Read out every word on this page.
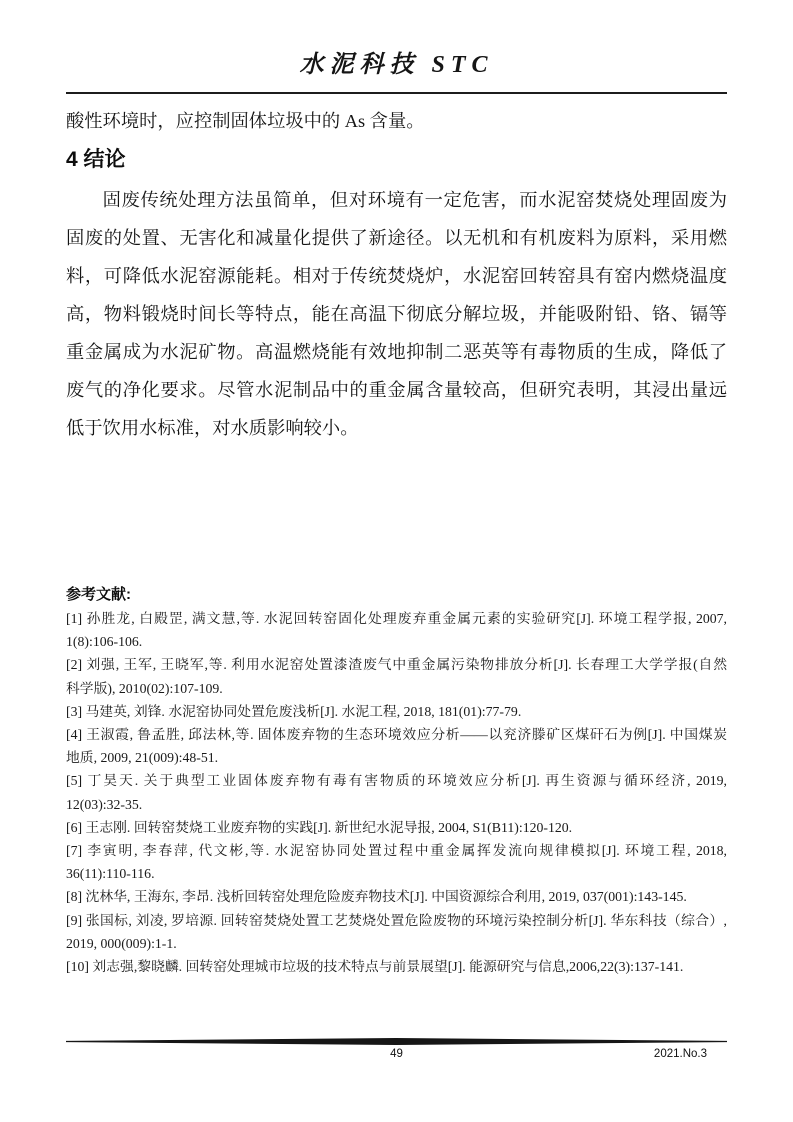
水泥科技 STC

酸性环境时，应控制固体垃圾中的 As 含量。

4 结论
固废传统处理方法虽简单，但对环境有一定危害，而水泥窑焚烧处理固废为
固废的处置、无害化和减量化提供了新途径。以无机和有机废料为原料，采用燃
料，可降低水泥窑源能耗。相对于传统焚烧炉，水泥窑回转窑具有窑内燃烧温度
高，物料锻烧时间长等特点，能在高温下彻底分解垃圾，并能吸附铅、铬、镉等
重金属成为水泥矿物。高温燃烧能有效地抑制二恶英等有毒物质的生成，降低了
废气的净化要求。尽管水泥制品中的重金属含量较高，但研究表明，其浸出量远
低于饮用水标准，对水质影响较小。
参考文献:
[1] 孙胜龙, 白殿罡, 满文慧,等. 水泥回转窑固化处理废弃重金属元素的实验研究[J]. 环境工程学报, 2007,
1(8):106-106.
[2] 刘强, 王军, 王晓军,等. 利用水泥窑处置漆渣废气中重金属污染物排放分析[J]. 长春理工大学学报(自然
科学版), 2010(02):107-109.
[3] 马建英, 刘锋. 水泥窑协同处置危废浅析[J]. 水泥工程, 2018, 181(01):77-79.
[4] 王淑霞, 鲁孟胜, 邱法林,等. 固体废弃物的生态环境效应分析——以兖济滕矿区煤矸石为例[J]. 中国煤炭
地质, 2009, 21(009):48-51.
[5] 丁昊天. 关于典型工业固体废弃物有毒有害物质的环境效应分析[J]. 再生资源与循环经济, 2019,
12(03):32-35.
[6] 王志刚. 回转窑焚烧工业废弃物的实践[J]. 新世纪水泥导报, 2004, S1(B11):120-120.
[7] 李寅明, 李春萍, 代文彬,等. 水泥窑协同处置过程中重金属挥发流向规律模拟[J]. 环境工程, 2018,
36(11):110-116.
[8] 沈林华, 王海东, 李昂. 浅析回转窑处理危险废弃物技术[J]. 中国资源综合利用, 2019, 037(001):143-145.
[9] 张国标, 刘凌, 罗培源. 回转窑焚烧处置工艺焚烧处置危险废物的环境污染控制分析[J]. 华东科技（综合）,
2019, 000(009):1-1.
[10] 刘志强,黎晓麟. 回转窑处理城市垃圾的技术特点与前景展望[J]. 能源研究与信息,2006,22(3):137-141.
49	2021.No.3
